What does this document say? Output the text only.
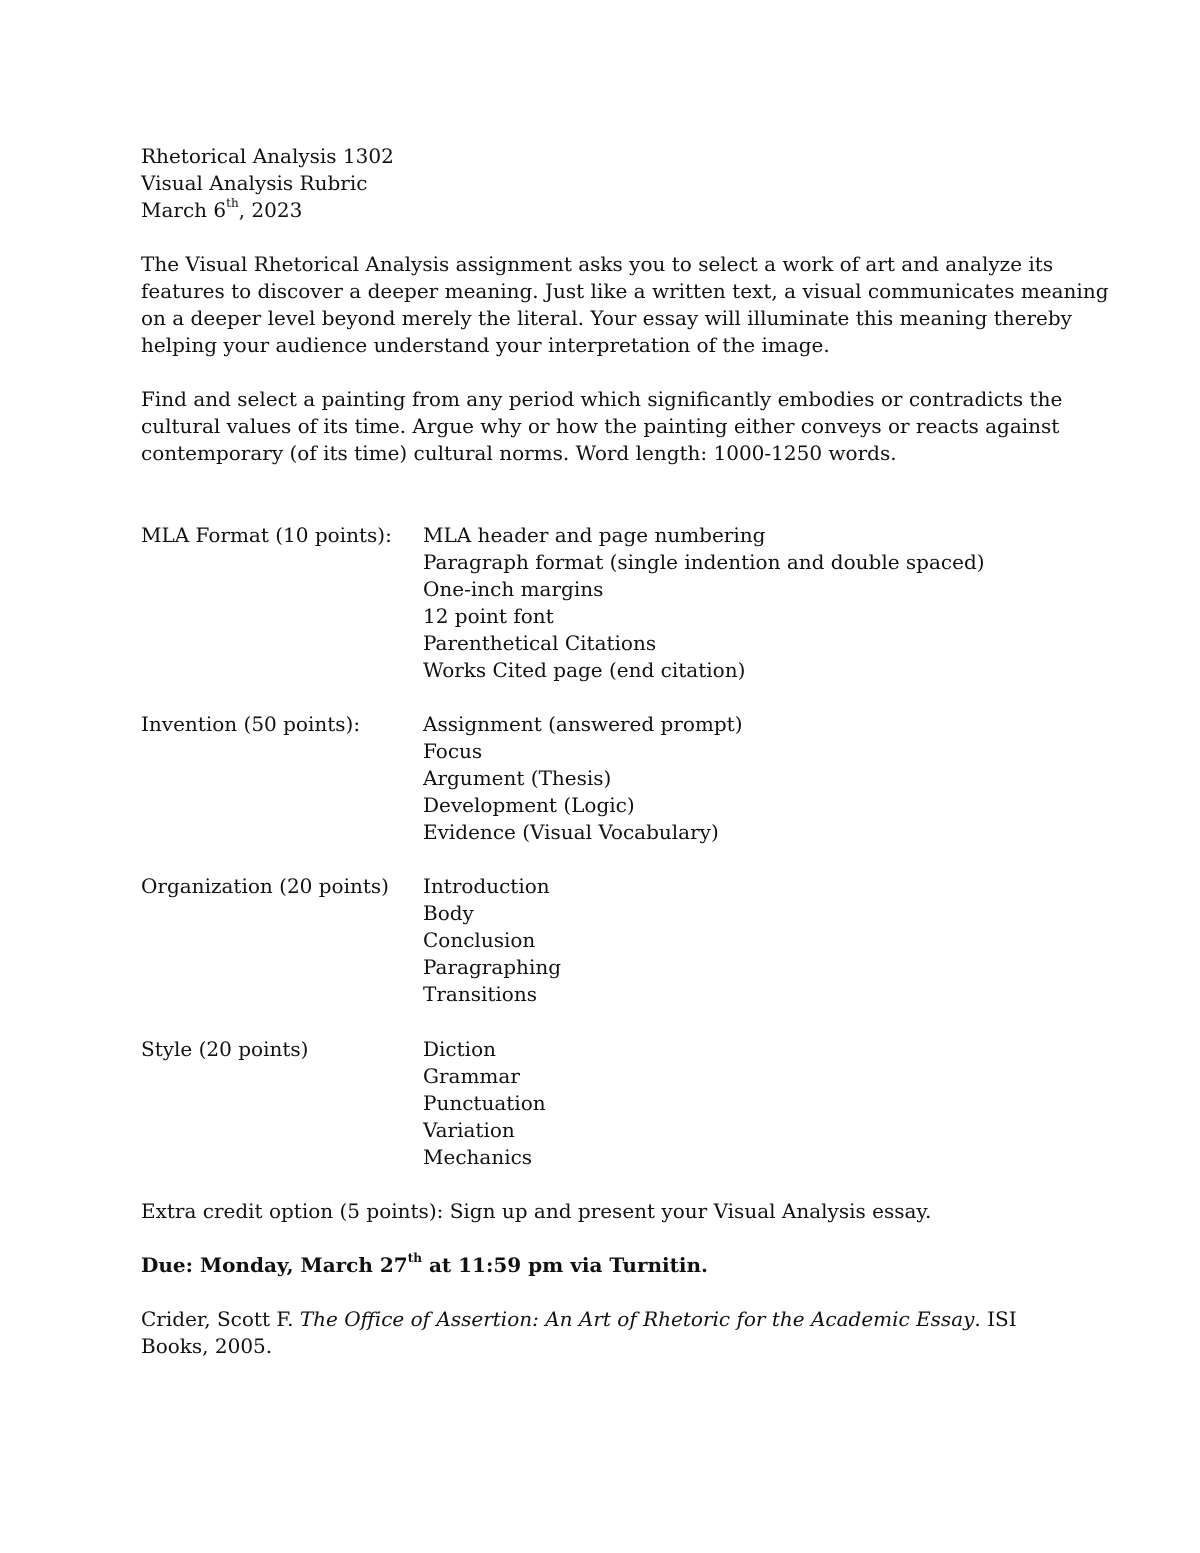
Rhetorical Analysis 1302
Visual Analysis Rubric
March 6th, 2023
The Visual Rhetorical Analysis assignment asks you to select a work of art and analyze its
features to discover a deeper meaning. Just like a written text, a visual communicates meaning
on a deeper level beyond merely the literal. Your essay will illuminate this meaning thereby
helping your audience understand your interpretation of the image.
Find and select a painting from any period which significantly embodies or contradicts the
cultural values of its time. Argue why or how the painting either conveys or reacts against
contemporary (of its time) cultural norms. Word length: 1000-1250 words.
MLA Format (10 points): MLA header and page numbering
Paragraph format (single indention and double spaced)
One-inch margins
12 point font
Parenthetical Citations
Works Cited page (end citation)
Invention (50 points):	Assignment (answered prompt)
Focus
Argument (Thesis)
Development (Logic)
Evidence (Visual Vocabulary)
Organization (20 points) Introduction
Body
Conclusion
Paragraphing
Transitions
Style (20 points)	Diction
Grammar
Punctuation
Variation
Mechanics
Extra credit option (5 points): Sign up and present your Visual Analysis essay.
Due: Monday, March 27th at 11:59 pm via Turnitin.
Crider, Scott F. The Office of Assertion: An Art of Rhetoric for the Academic Essay. ISI Books, 2005.
